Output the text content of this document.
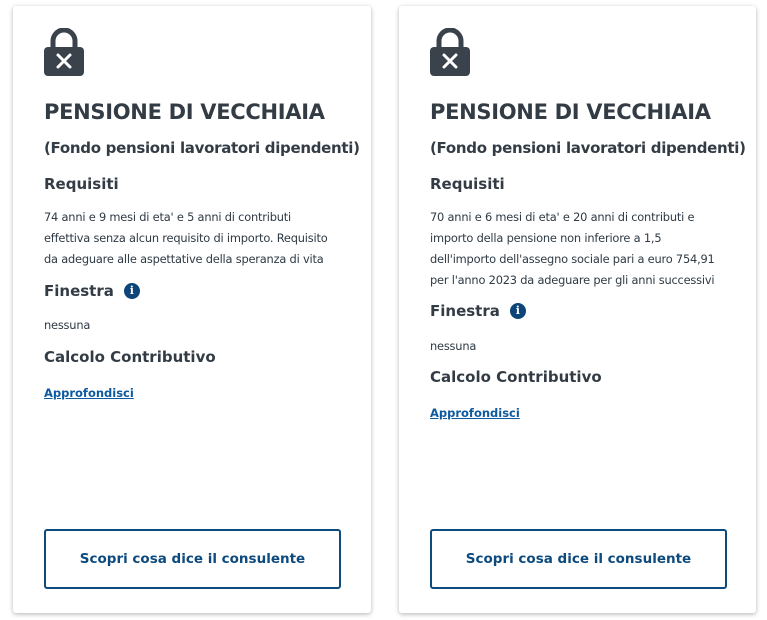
PENSIONE DI VECCHIAIA
(Fondo pensioni lavoratori dipendenti)
Requisiti
74 anni e 9 mesi di eta' e 5 anni di contributi
effettiva senza alcun requisito di importo. Requisito
da adeguare alle aspettative della speranza di vita
Finestra	i
nessuna
Calcolo Contributivo
Approfondisci
Scopri cosa dice il consulente
PENSIONE DI VECCHIAIA
(Fondo pensioni lavoratori dipendenti)
Requisiti
70 anni e 6 mesi di eta' e 20 anni di contributi e
importo della pensione non inferiore a 1,5
dell'importo dell'assegno sociale pari a euro 754,91
per l'anno 2023 da adeguare per gli anni successivi
Finestra	i
nessuna
Calcolo Contributivo
Approfondisci
Scopri cosa dice il consulente
